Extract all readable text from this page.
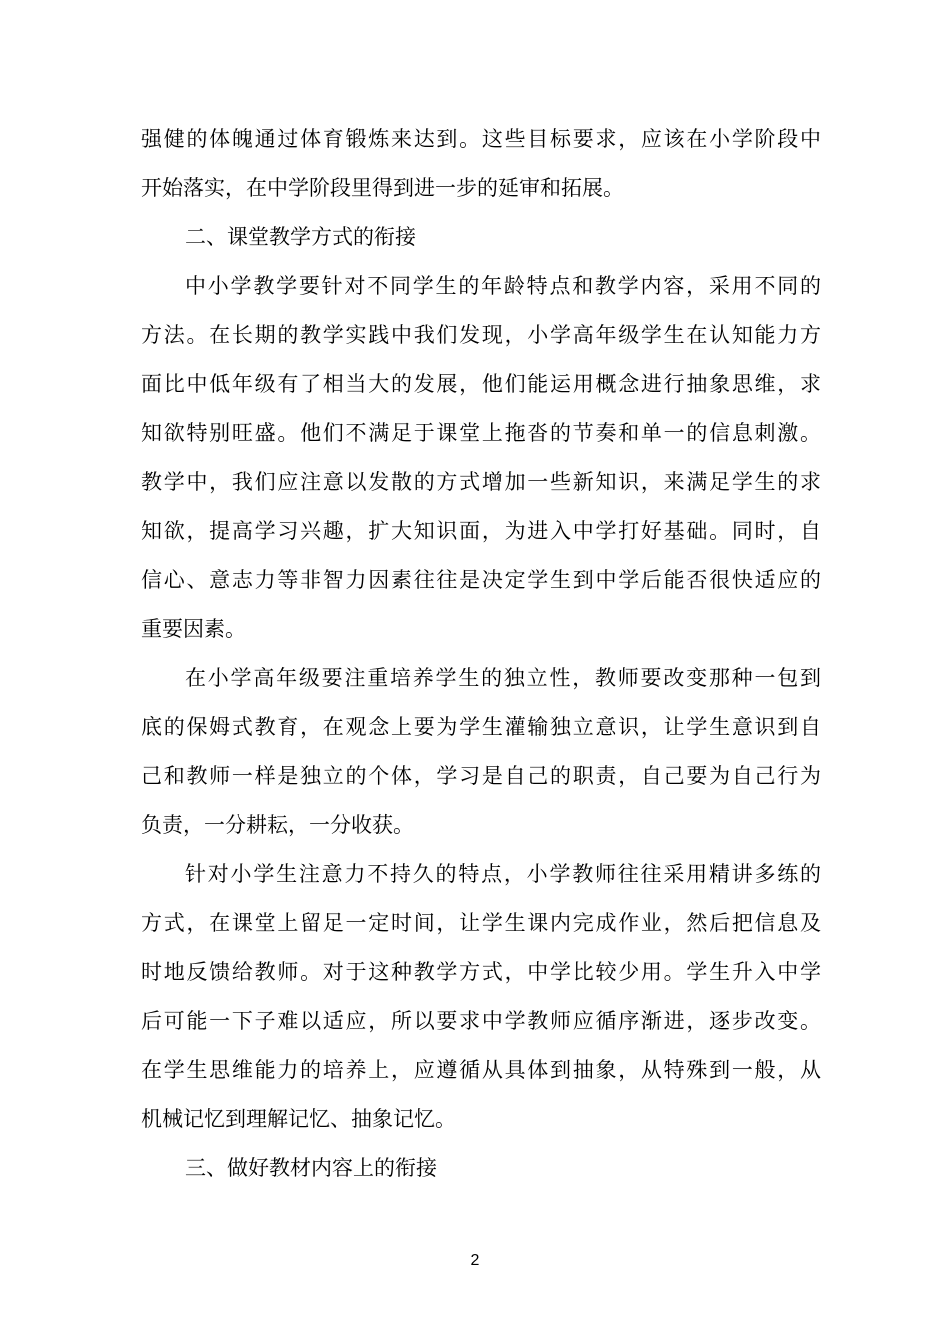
强健的体魄通过体育锻炼来达到。这些目标要求，应该在小学阶段中
开始落实，在中学阶段里得到进一步的延审和拓展。
二、课堂教学方式的衔接
中小学教学要针对不同学生的年龄特点和教学内容，采用不同的
方法。在长期的教学实践中我们发现，小学高年级学生在认知能力方
面比中低年级有了相当大的发展，他们能运用概念进行抽象思维，求
知欲特别旺盛。他们不满足于课堂上拖沓的节奏和单一的信息刺激。
教学中，我们应注意以发散的方式增加一些新知识，来满足学生的求
知欲，提高学习兴趣，扩大知识面，为进入中学打好基础。同时，自
信心、意志力等非智力因素往往是决定学生到中学后能否很快适应的
重要因素。
在小学高年级要注重培养学生的独立性，教师要改变那种一包到
底的保姆式教育，在观念上要为学生灌输独立意识，让学生意识到自
己和教师一样是独立的个体，学习是自己的职责，自己要为自己行为
负责，一分耕耘，一分收获。
针对小学生注意力不持久的特点，小学教师往往采用精讲多练的
方式，在课堂上留足一定时间，让学生课内完成作业，然后把信息及
时地反馈给教师。对于这种教学方式，中学比较少用。学生升入中学
后可能一下子难以适应，所以要求中学教师应循序渐进，逐步改变。
在学生思维能力的培养上，应遵循从具体到抽象，从特殊到一般，从
机械记忆到理解记忆、抽象记忆。
三、做好教材内容上的衔接
2
